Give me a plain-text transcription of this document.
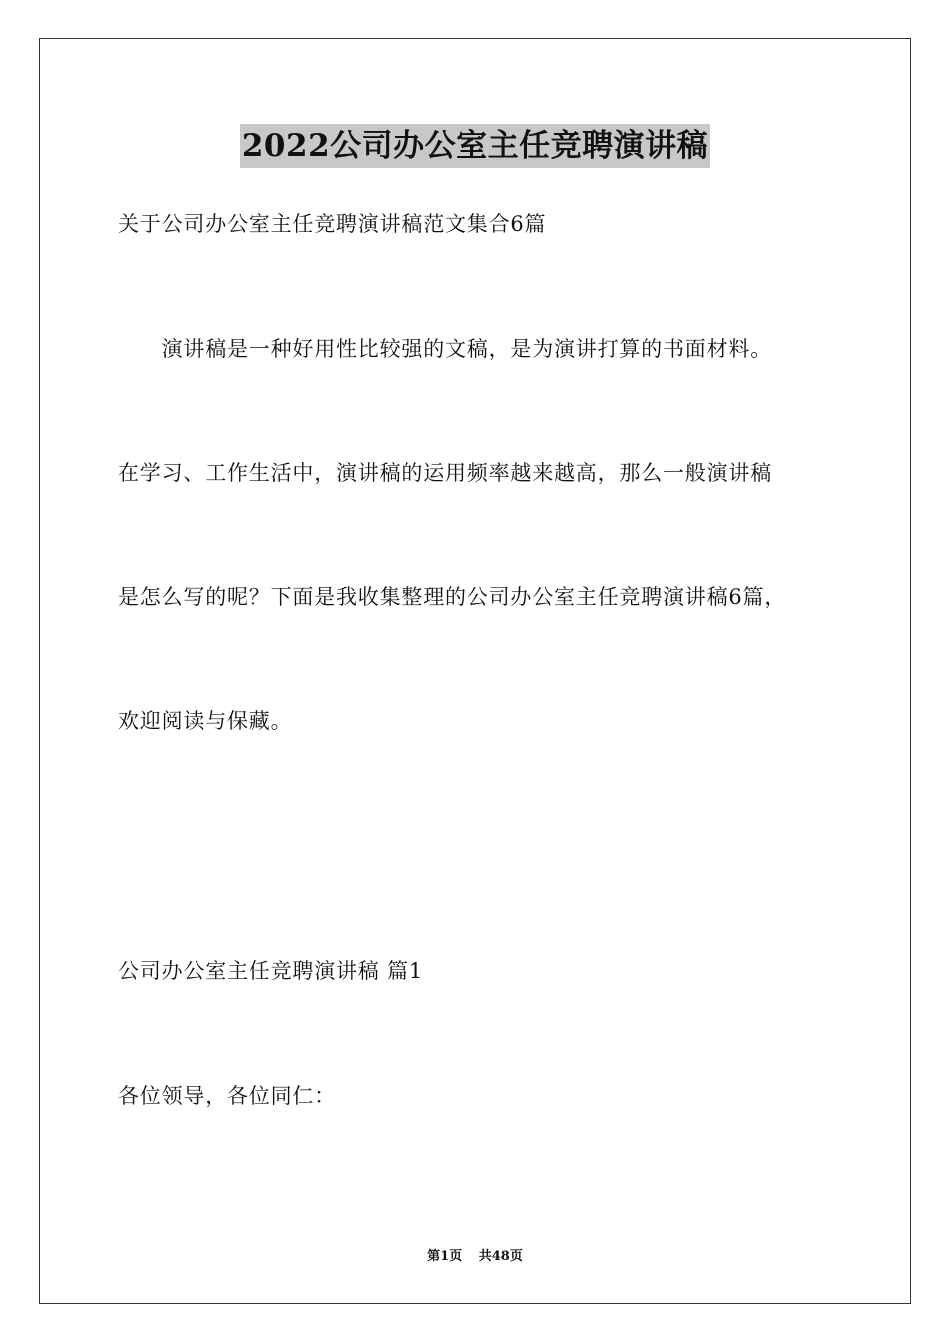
2022公司办公室主任竞聘演讲稿
关于公司办公室主任竞聘演讲稿范文集合6篇
　　演讲稿是一种好用性比较强的文稿，是为演讲打算的书面材料。
在学习、工作生活中，演讲稿的运用频率越来越高，那么一般演讲稿
是怎么写的呢？下面是我收集整理的公司办公室主任竞聘演讲稿6篇，
欢迎阅读与保藏。
公司办公室主任竞聘演讲稿 篇1
各位领导，各位同仁：
第1页 共48页
